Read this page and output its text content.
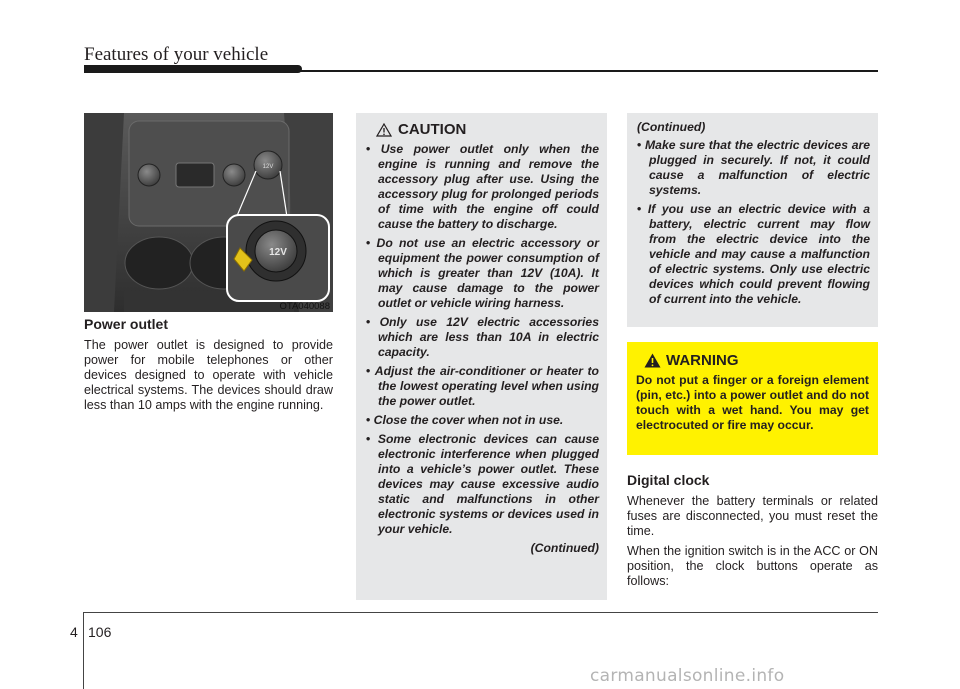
Features of your vehicle
12V
12V
OTA040088

Power outlet

The power outlet is designed to provide power for mobile telephones or other devices designed to operate with vehicle electrical systems. The devices should draw less than 10 amps with the engine running.

CAUTION
• Use power outlet only when the engine is running and remove the accessory plug after use. Using the accessory plug for prolonged periods of time with the engine off could cause the battery to discharge.
• Do not use an electric accessory or equipment the power consumption of which is greater than 12V (10A). It may cause damage to the power outlet or vehicle wiring harness.
• Only use 12V electric accessories which are less than 10A in electric capacity.
• Adjust the air-conditioner or heater to the lowest operating level when using the power outlet.
• Close the cover when not in use.
• Some electronic devices can cause electronic interference when plugged into a vehicle’s power outlet. These devices may cause excessive audio static and malfunctions in other electronic systems or devices used in your vehicle.
(Continued)

(Continued)

• Make sure that the electric devices are plugged in securely. If not, it could cause a malfunction of electric systems.
• If you use an electric device with a battery, electric current may flow from the electric device into the vehicle and may cause a malfunction of electric systems. Only use electric devices which could prevent flowing of current into the vehicle.
WARNING

Do not put a finger or a foreign element (pin, etc.) into a power outlet and do not touch with a wet hand. You may get electrocuted or fire may occur.

Digital clock

Whenever the battery terminals or related fuses are disconnected, you must reset the time.

When the ignition switch is in the ACC or ON position, the clock buttons operate as follows:

4 106
carmanualsonline.info
